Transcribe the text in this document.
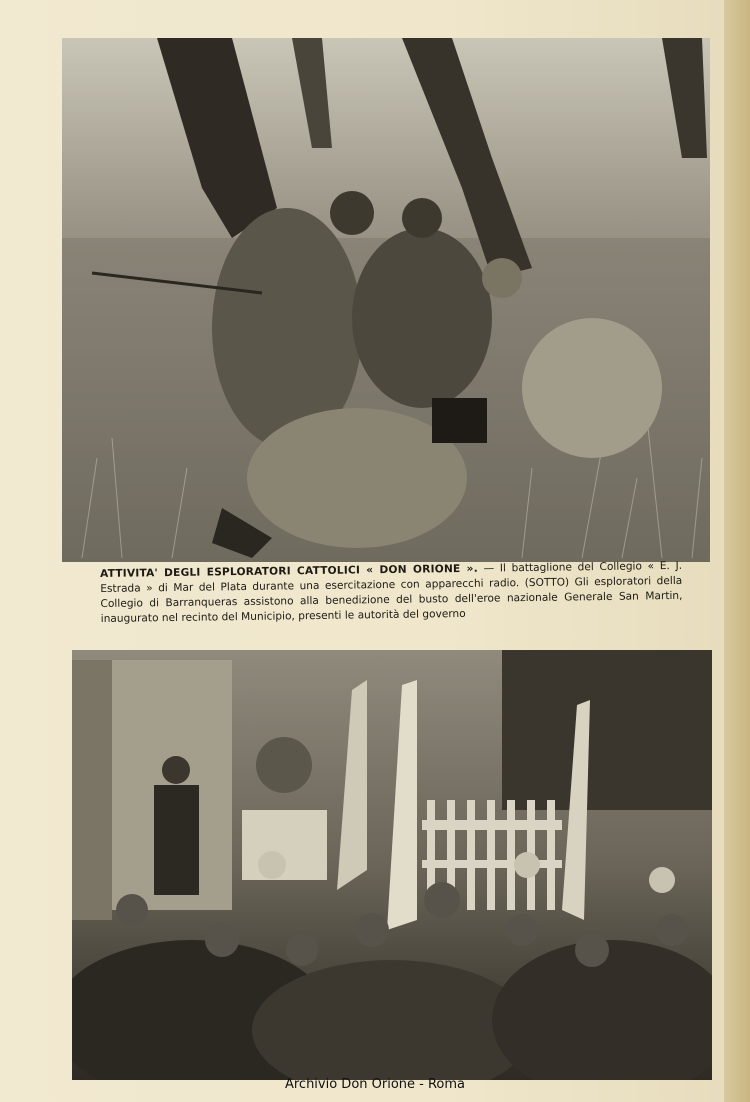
ATTIVITA' DEGLI ESPLORATORI CATTOLICI « DON ORIONE ». — Il battaglione del Collegio « E. J. Estrada » di Mar del Plata durante una esercitazione con apparecchi radio. (SOTTO) Gli esploratori della Collegio di Barranqueras assistono alla benedizione del busto dell'eroe nazionale Generale San Martin, inaugurato nel recinto del Municipio, presenti le autorità del governo
Archivio Don Orione - Roma
